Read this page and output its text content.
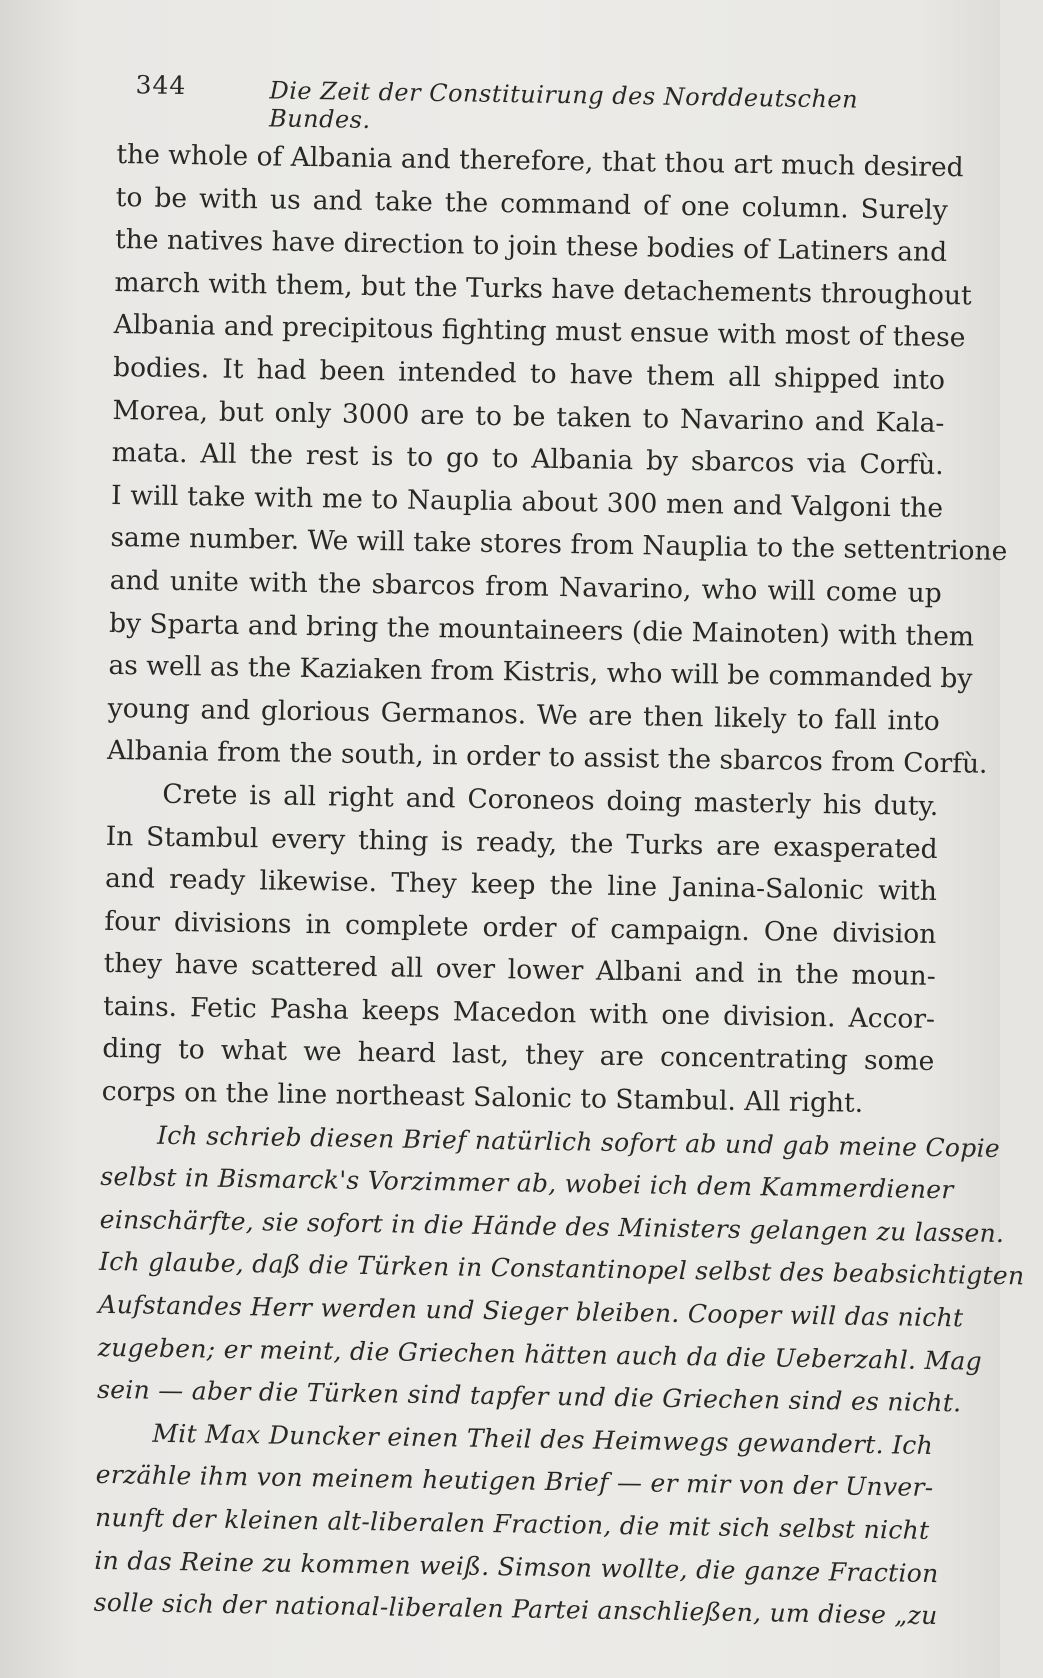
344	Die Zeit der Constituirung des Norddeutschen Bundes.
the whole of Albania and therefore, that thou art much desired
to be with us and take the command of one column. Surely
the natives have direction to join these bodies of Latiners and
march with them, but the Turks have detachements throughout
Albania and precipitous fighting must ensue with most of these
bodies. It had been intended to have them all shipped into
Morea, but only 3000 are to be taken to Navarino and Kala-
mata. All the rest is to go to Albania by sbarcos via Corfù.
I will take with me to Nauplia about 300 men and Valgoni the
same number. We will take stores from Nauplia to the settentrione
and unite with the sbarcos from Navarino, who will come up
by Sparta and bring the mountaineers (die Mainoten) with them
as well as the Kaziaken from Kistris, who will be commanded by
young and glorious Germanos. We are then likely to fall into
Albania from the south, in order to assist the sbarcos from Corfù.
Crete is all right and Coroneos doing masterly his duty.
In Stambul every thing is ready, the Turks are exasperated
and ready likewise. They keep the line Janina-Salonic with
four divisions in complete order of campaign. One division
they have scattered all over lower Albani and in the moun-
tains. Fetic Pasha keeps Macedon with one division. Accor-
ding to what we heard last, they are concentrating some
corps on the line northeast Salonic to Stambul. All right.
Ich schrieb diesen Brief natürlich sofort ab und gab meine Copie
selbst in Bismarck's Vorzimmer ab, wobei ich dem Kammerdiener
einschärfte, sie sofort in die Hände des Ministers gelangen zu lassen.
Ich glaube, daß die Türken in Constantinopel selbst des beabsichtigten
Aufstandes Herr werden und Sieger bleiben. Cooper will das nicht
zugeben; er meint, die Griechen hätten auch da die Ueberzahl. Mag
sein — aber die Türken sind tapfer und die Griechen sind es nicht.
Mit Max Duncker einen Theil des Heimwegs gewandert. Ich
erzähle ihm von meinem heutigen Brief — er mir von der Unver-
nunft der kleinen alt-liberalen Fraction, die mit sich selbst nicht
in das Reine zu kommen weiß. Simson wollte, die ganze Fraction
solle sich der national-liberalen Partei anschließen, um diese „zu
